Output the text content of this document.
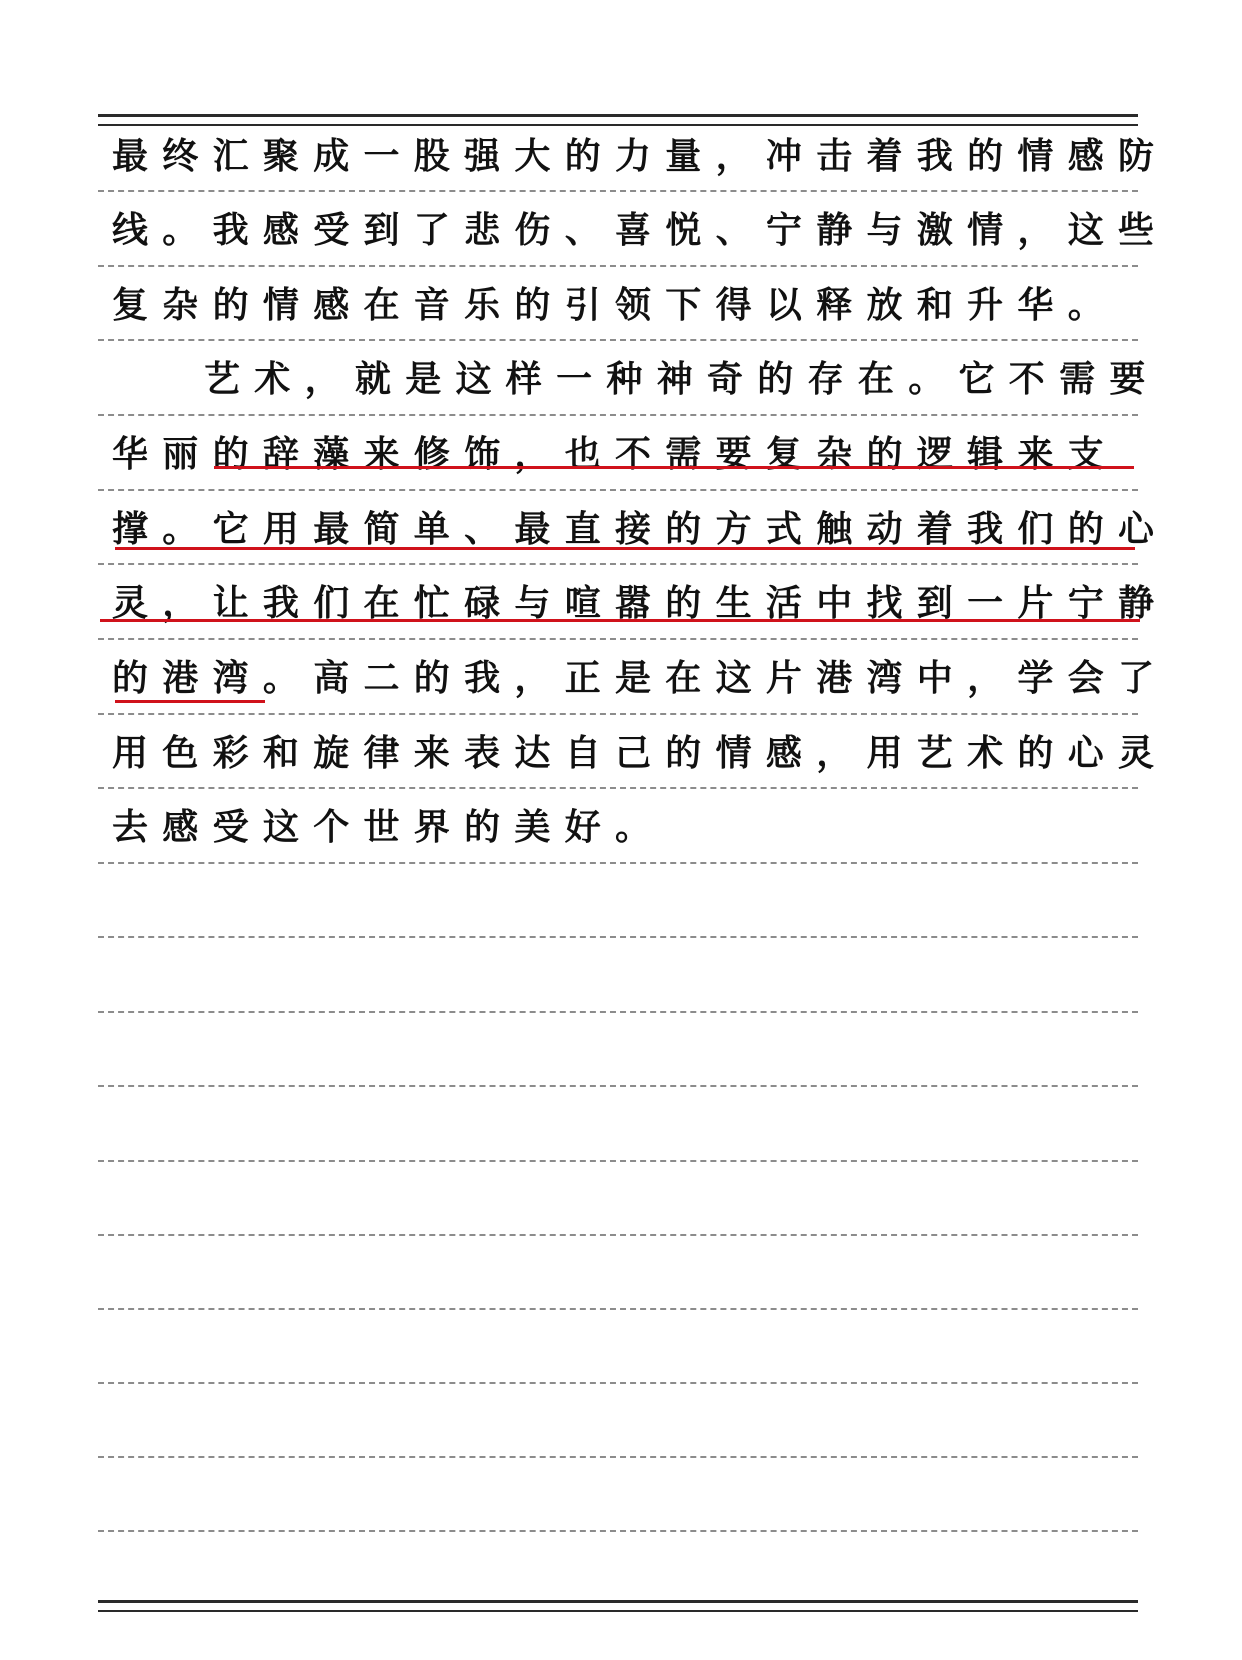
最终汇聚成一股强大的力量，冲击着我的情感防
线。我感受到了悲伤、喜悦、宁静与激情，这些
复杂的情感在音乐的引领下得以释放和升华。
艺术，就是这样一种神奇的存在。它不需要
华丽的辞藻来修饰，也不需要复杂的逻辑来支
撑。它用最简单、最直接的方式触动着我们的心
灵，让我们在忙碌与喧嚣的生活中找到一片宁静
的港湾。高二的我，正是在这片港湾中，学会了
用色彩和旋律来表达自己的情感，用艺术的心灵
去感受这个世界的美好。
